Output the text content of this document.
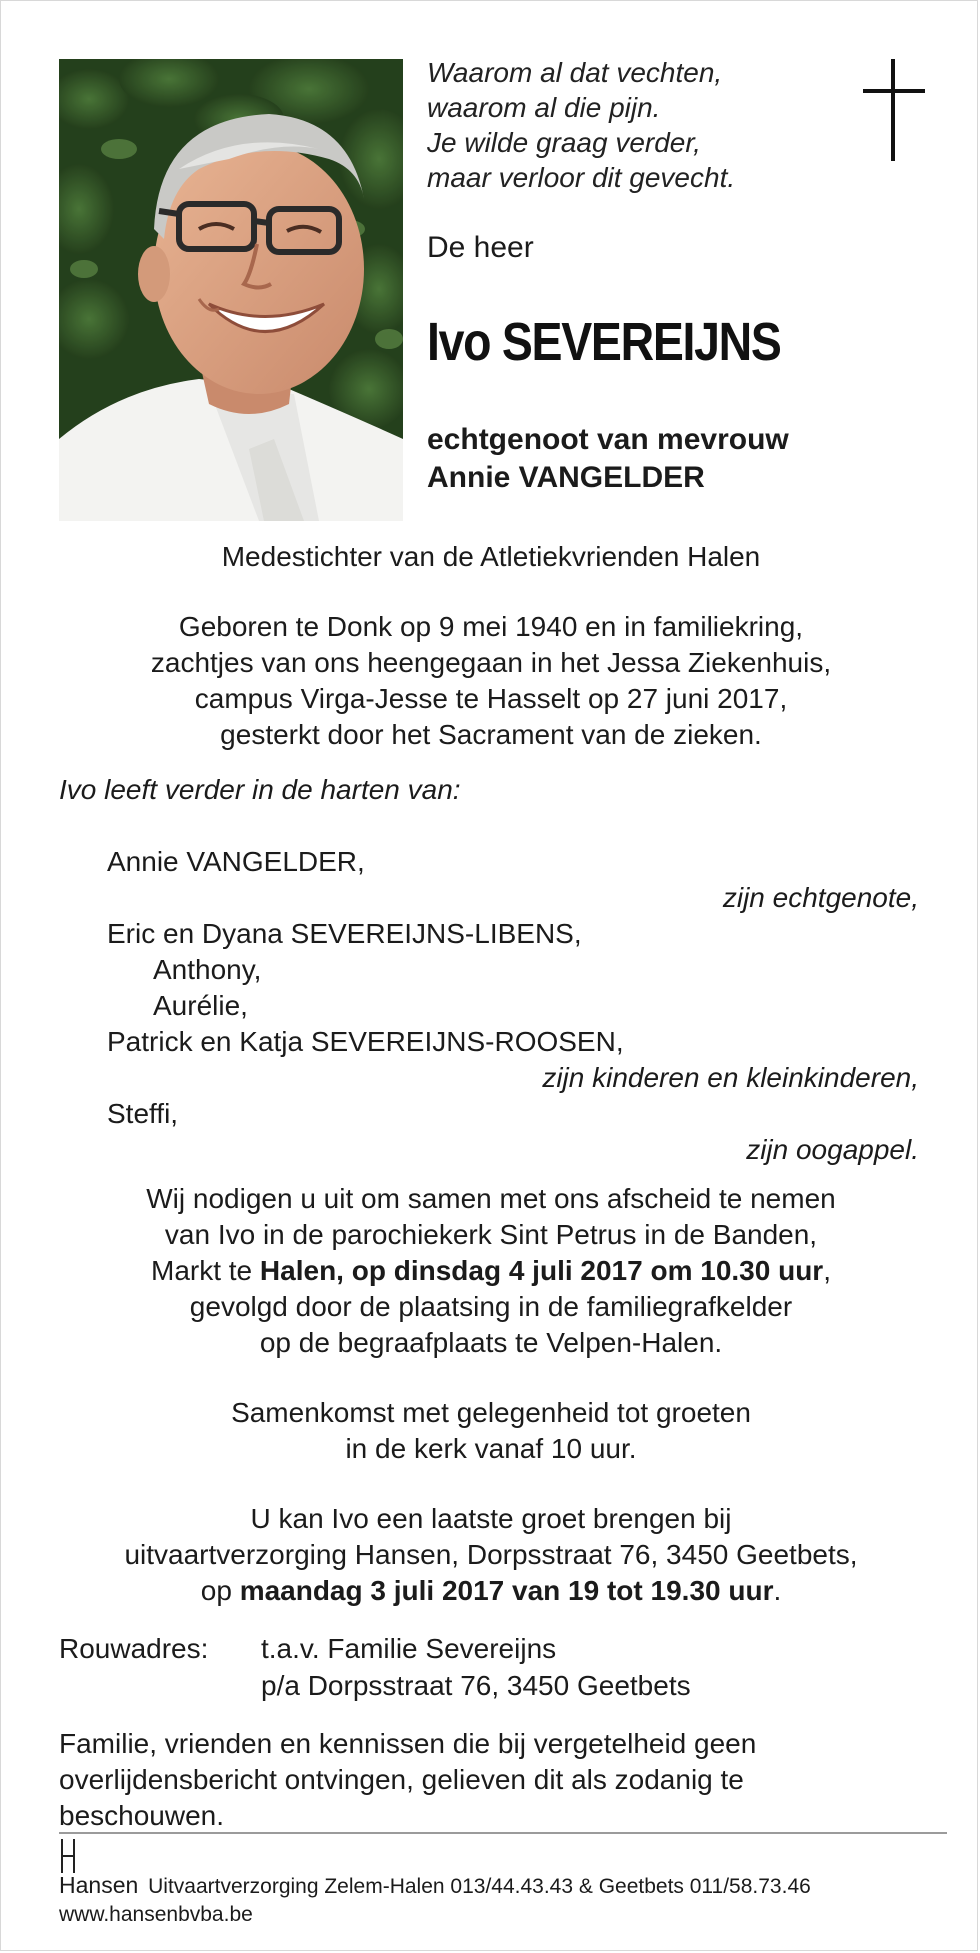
Waarom al dat vechten,
waarom al die pijn.
Je wilde graag verder,
maar verloor dit gevecht.
De heer
Ivo SEVEREIJNS
echtgenoot van mevrouw
Annie VANGELDER
Medestichter van de Atletiekvrienden Halen
Geboren te Donk op 9 mei 1940 en in familiekring,
zachtjes van ons heengegaan in het Jessa Ziekenhuis,
campus Virga-Jesse te Hasselt op 27 juni 2017,
gesterkt door het Sacrament van de zieken.
Ivo leeft verder in de harten van:
Annie VANGELDER,
zijn echtgenote,
Eric en Dyana SEVEREIJNS-LIBENS,
Anthony,
Aurélie,
Patrick en Katja SEVEREIJNS-ROOSEN,
zijn kinderen en kleinkinderen,
Steffi,
zijn oogappel.
Wij nodigen u uit om samen met ons afscheid te nemen
van Ivo in de parochiekerk Sint Petrus in de Banden,
Markt te Halen, op dinsdag 4 juli 2017 om 10.30 uur,
gevolgd door de plaatsing in de familiegrafkelder
op de begraafplaats te Velpen-Halen.
Samenkomst met gelegenheid tot groeten
in de kerk vanaf 10 uur.
U kan Ivo een laatste groet brengen bij
uitvaartverzorging Hansen, Dorpsstraat 76, 3450 Geetbets,
op maandag 3 juli 2017 van 19 tot 19.30 uur.
Rouwadres: t.a.v. Familie Severeijns
p/a Dorpsstraat 76, 3450 Geetbets
Familie, vrienden en kennissen die bij vergetelheid geen
overlijdensbericht ontvingen, gelieven dit als zodanig te
beschouwen.
Hansen Uitvaartverzorging Zelem-Halen 013/44.43.43 & Geetbets 011/58.73.46
www.hansenbvba.be
